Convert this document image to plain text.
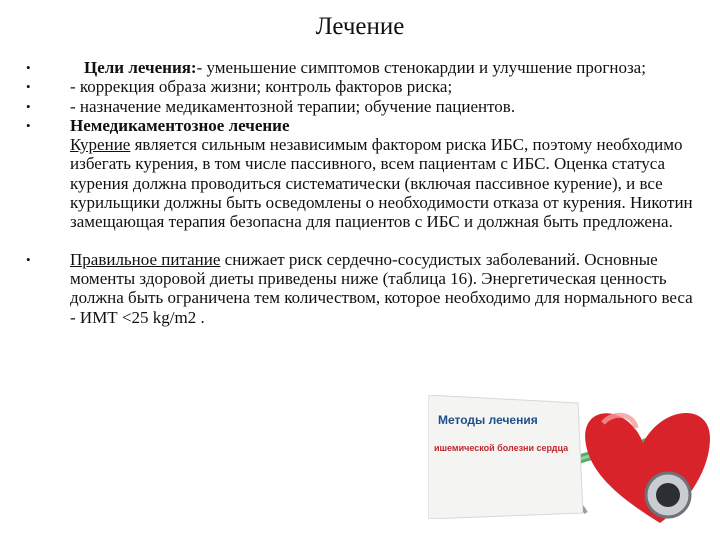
Лечение
•	Цели лечения:- уменьшение симптомов стенокардии и улучшение прогноза;
•	- коррекция образа жизни; контроль факторов риска;
•	- назначение медикаментозной терапии; обучение пациентов.
•	Немедикаментозное лечение
Курение является сильным независимым фактором риска ИБС, поэтому необходимо избегать курения, в том числе пассивного, всем пациентам с ИБС. Оценка статуса курения должна проводиться систематически (включая пассивное курение), и все курильщики должны быть осведомлены о необходимости отказа от курения. Никотин замещающая терапия безопасна для пациентов с ИБС и должная быть предложена.
•	Правильное питание снижает риск сердечно-сосудистых заболеваний. Основные моменты здоровой диеты приведены ниже (таблица 16). Энергетическая ценность должна быть ограничена тем количеством, которое необходимо для нормального веса - ИМТ <25 kg/m2 .
Методы лечения
ишемической болезни сердца
